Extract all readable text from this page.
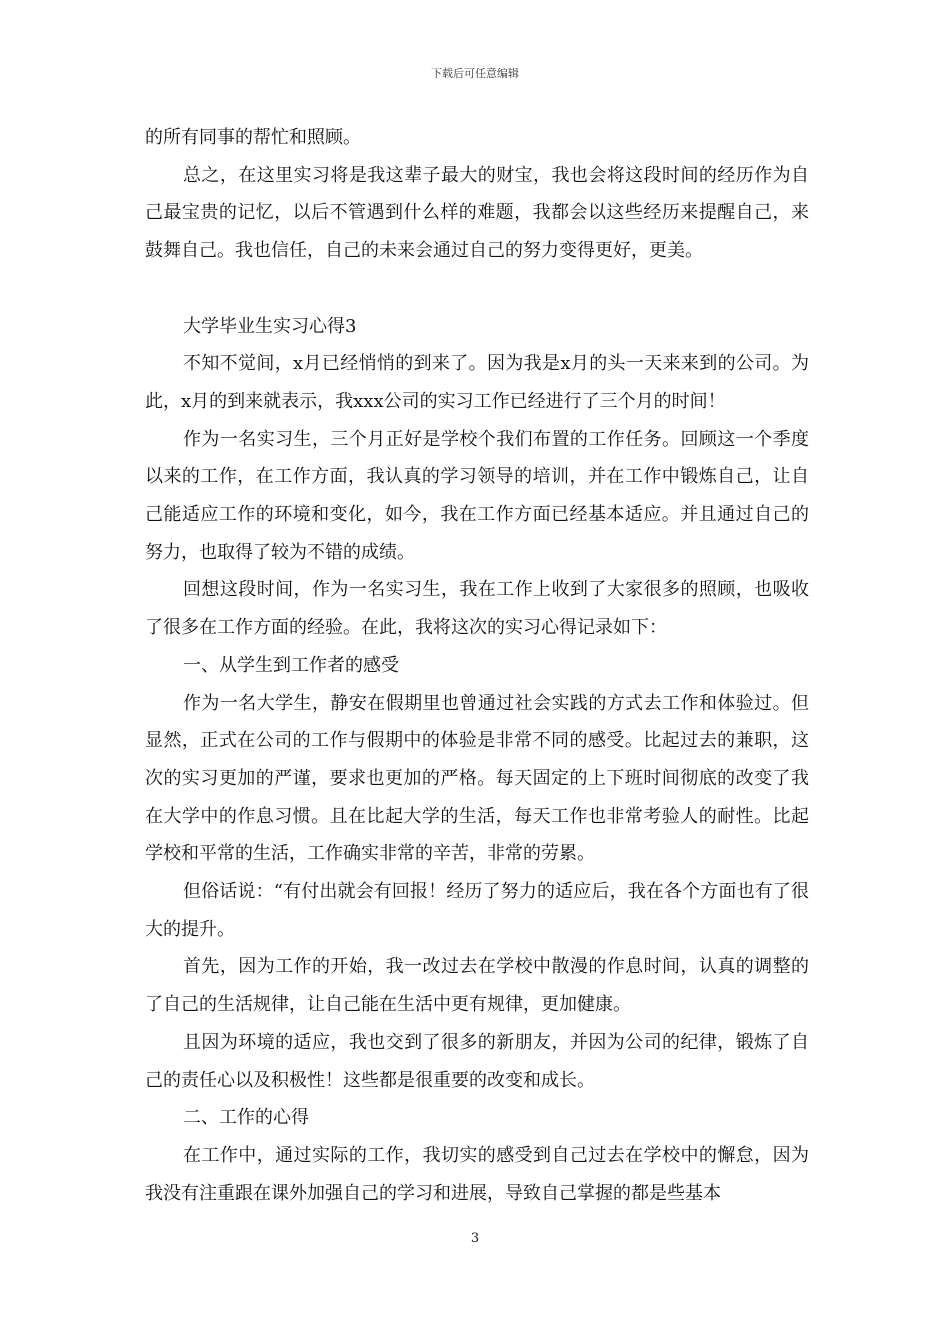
下载后可任意编辑

的所有同事的帮忙和照顾。

总之，在这里实习将是我这辈子最大的财宝，我也会将这段时间的经历作为自己最宝贵的记忆，以后不管遇到什么样的难题，我都会以这些经历来提醒自己，来鼓舞自己。我也信任，自己的未来会通过自己的努力变得更好，更美。

大学毕业生实习心得3

不知不觉间，x月已经悄悄的到来了。因为我是x月的头一天来来到的公司。为此，x月的到来就表示，我xxx公司的实习工作已经进行了三个月的时间！

作为一名实习生，三个月正好是学校个我们布置的工作任务。回顾这一个季度以来的工作，在工作方面，我认真的学习领导的培训，并在工作中锻炼自己，让自己能适应工作的环境和变化，如今，我在工作方面已经基本适应。并且通过自己的努力，也取得了较为不错的成绩。

回想这段时间，作为一名实习生，我在工作上收到了大家很多的照顾，也吸收了很多在工作方面的经验。在此，我将这次的实习心得记录如下：

一、从学生到工作者的感受

作为一名大学生，静安在假期里也曾通过社会实践的方式去工作和体验过。但显然，正式在公司的工作与假期中的体验是非常不同的感受。比起过去的兼职，这次的实习更加的严谨，要求也更加的严格。每天固定的上下班时间彻底的改变了我在大学中的作息习惯。且在比起大学的生活，每天工作也非常考验人的耐性。比起学校和平常的生活，工作确实非常的辛苦，非常的劳累。

但俗话说：“有付出就会有回报！经历了努力的适应后，我在各个方面也有了很大的提升。

首先，因为工作的开始，我一改过去在学校中散漫的作息时间，认真的调整的了自己的生活规律，让自己能在生活中更有规律，更加健康。

且因为环境的适应，我也交到了很多的新朋友，并因为公司的纪律，锻炼了自己的责任心以及积极性！这些都是很重要的改变和成长。

二、工作的心得

在工作中，通过实际的工作，我切实的感受到自己过去在学校中的懈怠，因为我没有注重跟在课外加强自己的学习和进展，导致自己掌握的都是些基本

3
